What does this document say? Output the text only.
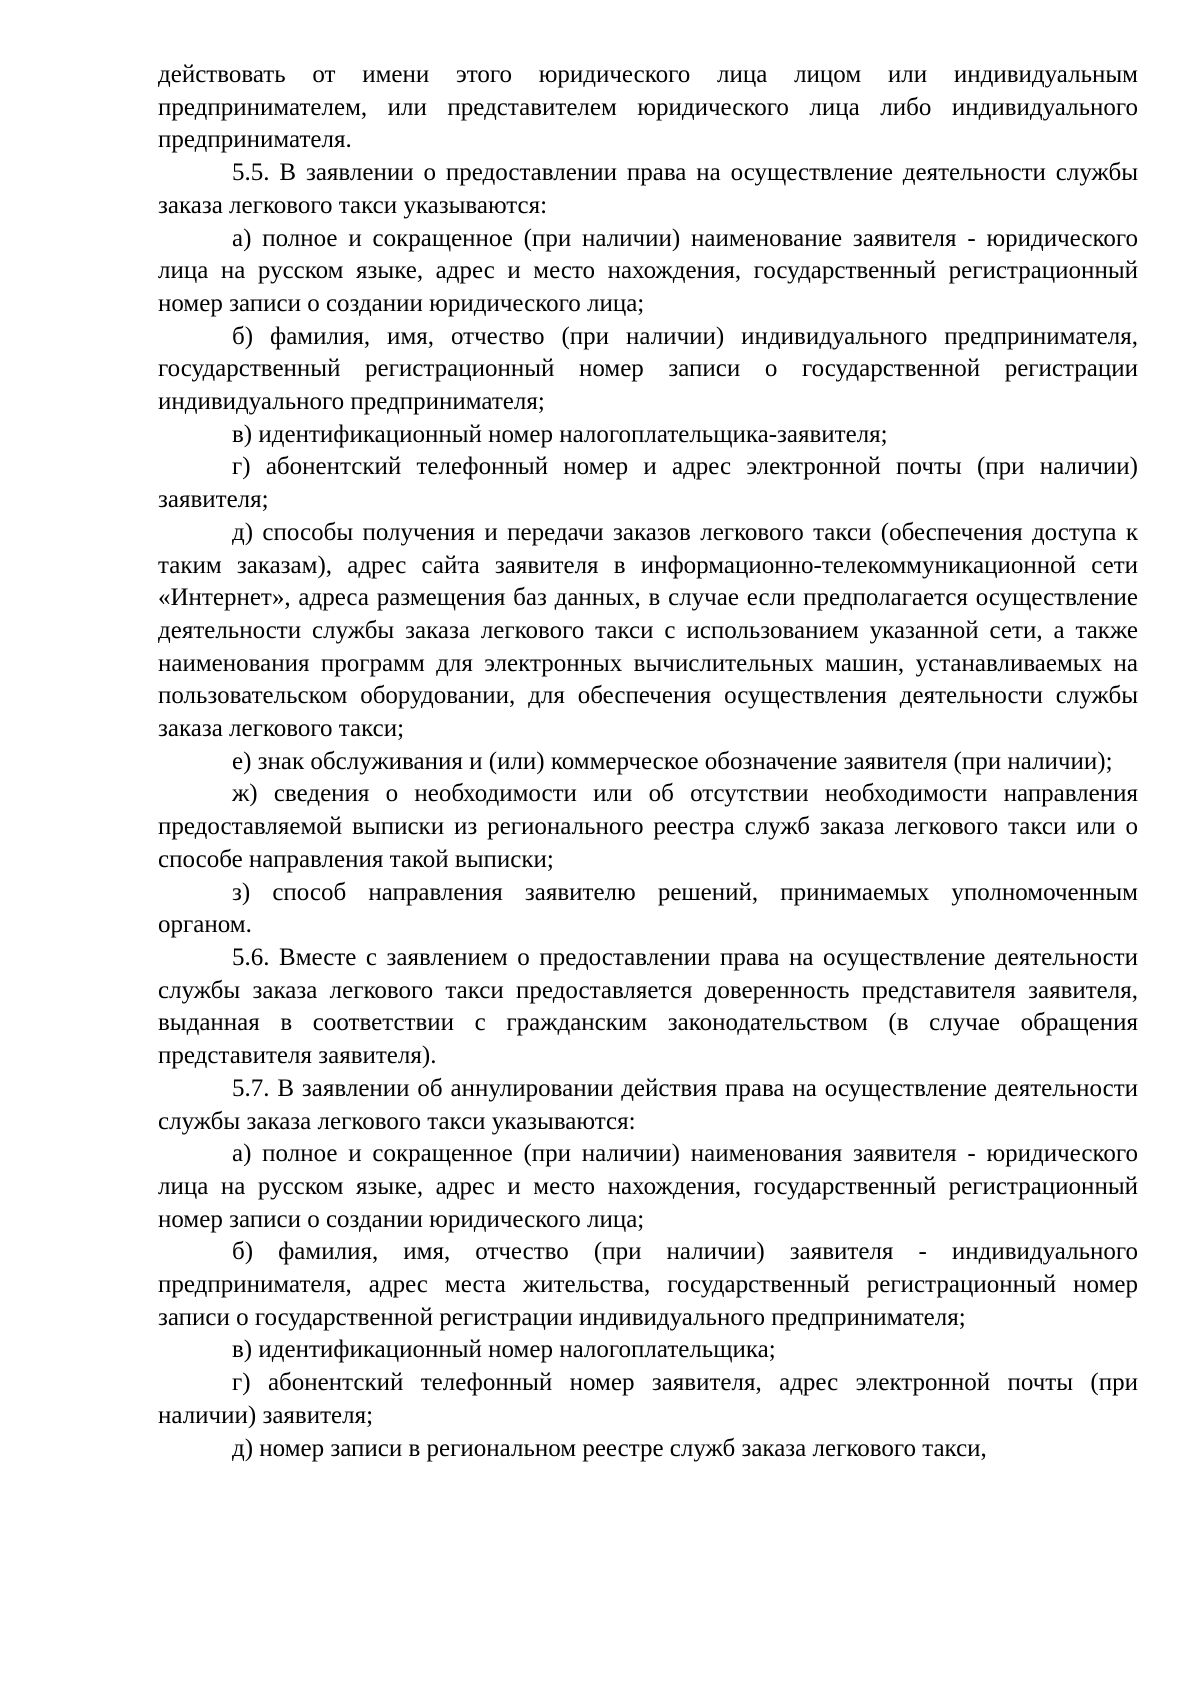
действовать от имени этого юридического лица лицом или индивидуальным предпринимателем, или представителем юридического лица либо индивидуального предпринимателя.

5.5. В заявлении о предоставлении права на осуществление деятельности службы заказа легкового такси указываются:

а) полное и сокращенное (при наличии) наименование заявителя - юридического лица на русском языке, адрес и место нахождения, государственный регистрационный номер записи о создании юридического лица;

б) фамилия, имя, отчество (при наличии) индивидуального предпринимателя, государственный регистрационный номер записи о государственной регистрации индивидуального предпринимателя;

в) идентификационный номер налогоплательщика-заявителя;

г) абонентский телефонный номер и адрес электронной почты (при наличии) заявителя;

д) способы получения и передачи заказов легкового такси (обеспечения доступа к таким заказам), адрес сайта заявителя в информационно-телекоммуникационной сети «Интернет», адреса размещения баз данных, в случае если предполагается осуществление деятельности службы заказа легкового такси с использованием указанной сети, а также наименования программ для электронных вычислительных машин, устанавливаемых на пользовательском оборудовании, для обеспечения осуществления деятельности службы заказа легкового такси;

е) знак обслуживания и (или) коммерческое обозначение заявителя (при наличии);

ж) сведения о необходимости или об отсутствии необходимости направления предоставляемой выписки из регионального реестра служб заказа легкового такси или о способе направления такой выписки;

з) способ направления заявителю решений, принимаемых уполномоченным органом.

5.6. Вместе с заявлением о предоставлении права на осуществление деятельности службы заказа легкового такси предоставляется доверенность представителя заявителя, выданная в соответствии с гражданским законодательством (в случае обращения представителя заявителя).

5.7. В заявлении об аннулировании действия права на осуществление деятельности службы заказа легкового такси указываются:

а) полное и сокращенное (при наличии) наименования заявителя - юридического лица на русском языке, адрес и место нахождения, государственный регистрационный номер записи о создании юридического лица;

б) фамилия, имя, отчество (при наличии) заявителя - индивидуального предпринимателя, адрес места жительства, государственный регистрационный номер записи о государственной регистрации индивидуального предпринимателя;

в) идентификационный номер налогоплательщика;

г) абонентский телефонный номер заявителя, адрес электронной почты (при наличии) заявителя;

д) номер записи в региональном реестре служб заказа легкового такси,
